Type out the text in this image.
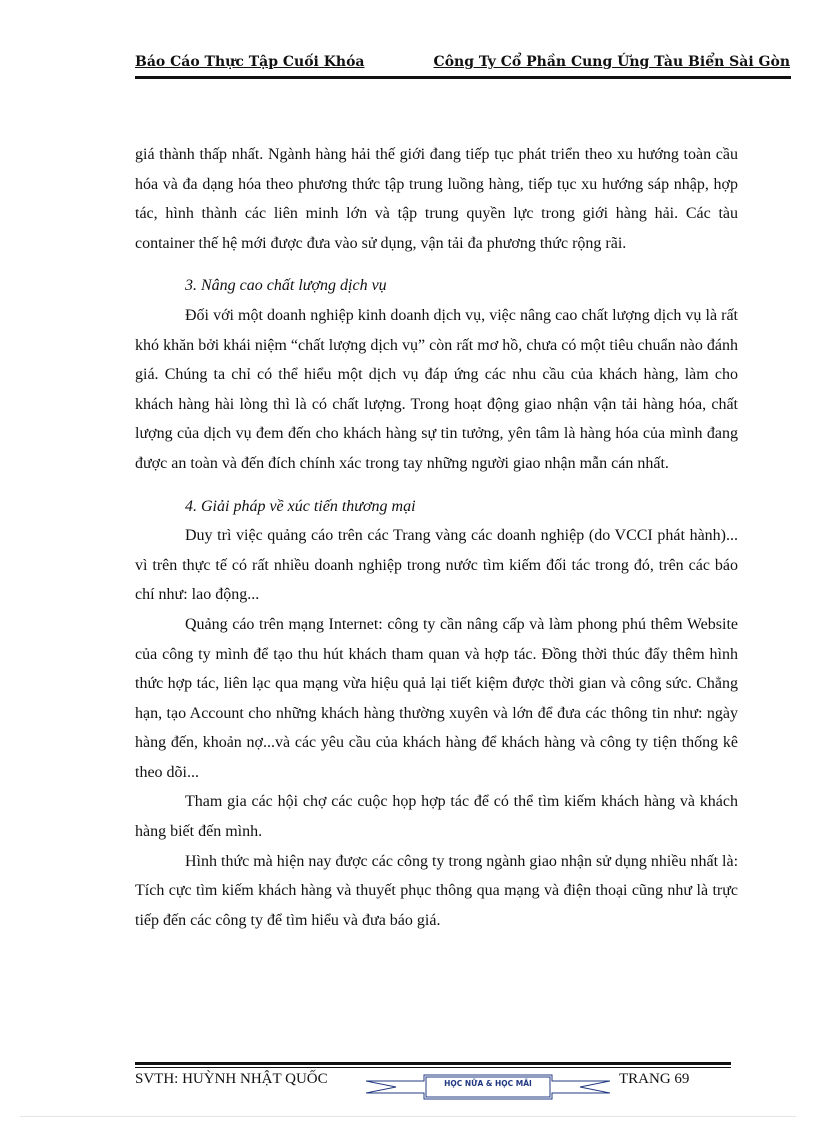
Báo Cáo Thực Tập Cuối Khóa	Công Ty Cổ Phần Cung Ứng Tàu Biển Sài Gòn

giá thành thấp nhất. Ngành hàng hải thế giới đang tiếp tục phát triển theo xu hướng toàn cầu hóa và đa dạng hóa theo phương thức tập trung luồng hàng, tiếp tục xu hướng sáp nhập, hợp tác, hình thành các liên minh lớn và tập trung quyền lực trong giới hàng hải. Các tàu container thế hệ mới được đưa vào sử dụng, vận tải đa phương thức rộng rãi.

3. Nâng cao chất lượng dịch vụ

Đối với một doanh nghiệp kinh doanh dịch vụ, việc nâng cao chất lượng dịch vụ là rất khó khăn bởi khái niệm “chất lượng dịch vụ” còn rất mơ hồ, chưa có một tiêu chuẩn nào đánh giá. Chúng ta chỉ có thể hiểu một dịch vụ đáp ứng các nhu cầu của khách hàng, làm cho khách hàng hài lòng thì là có chất lượng. Trong hoạt động giao nhận vận tải hàng hóa, chất lượng của dịch vụ đem đến cho khách hàng sự tin tưởng, yên tâm là hàng hóa của mình đang được an toàn và đến đích chính xác trong tay những người giao nhận mẫn cán nhất.

4. Giải pháp về xúc tiến thương mại

Duy trì việc quảng cáo trên các Trang vàng các doanh nghiệp (do VCCI phát hành)... vì trên thực tế có rất nhiều doanh nghiệp trong nước tìm kiếm đối tác trong đó, trên các báo chí như: lao động...

Quảng cáo trên mạng Internet: công ty cần nâng cấp và làm phong phú thêm Website của công ty mình để tạo thu hút khách tham quan và hợp tác. Đồng thời thúc đẩy thêm hình thức hợp tác, liên lạc qua mạng vừa hiệu quả lại tiết kiệm được thời gian và công sức. Chẳng hạn, tạo Account cho những khách hàng thường xuyên và lớn để đưa các thông tin như: ngày hàng đến, khoản nợ...và các yêu cầu của khách hàng để khách hàng và công ty tiện thống kê theo dõi...

Tham gia các hội chợ các cuộc họp hợp tác để có thể tìm kiếm khách hàng và khách hàng biết đến mình.

Hình thức mà hiện nay được các công ty trong ngành giao nhận sử dụng nhiều nhất là: Tích cực tìm kiếm khách hàng và thuyết phục thông qua mạng và điện thoại cũng như là trực tiếp đến các công ty để tìm hiểu và đưa báo giá.

SVTH: HUỲNH NHẬT QUỐC	HỌC NỮA & HỌC MÃI	TRANG 69
